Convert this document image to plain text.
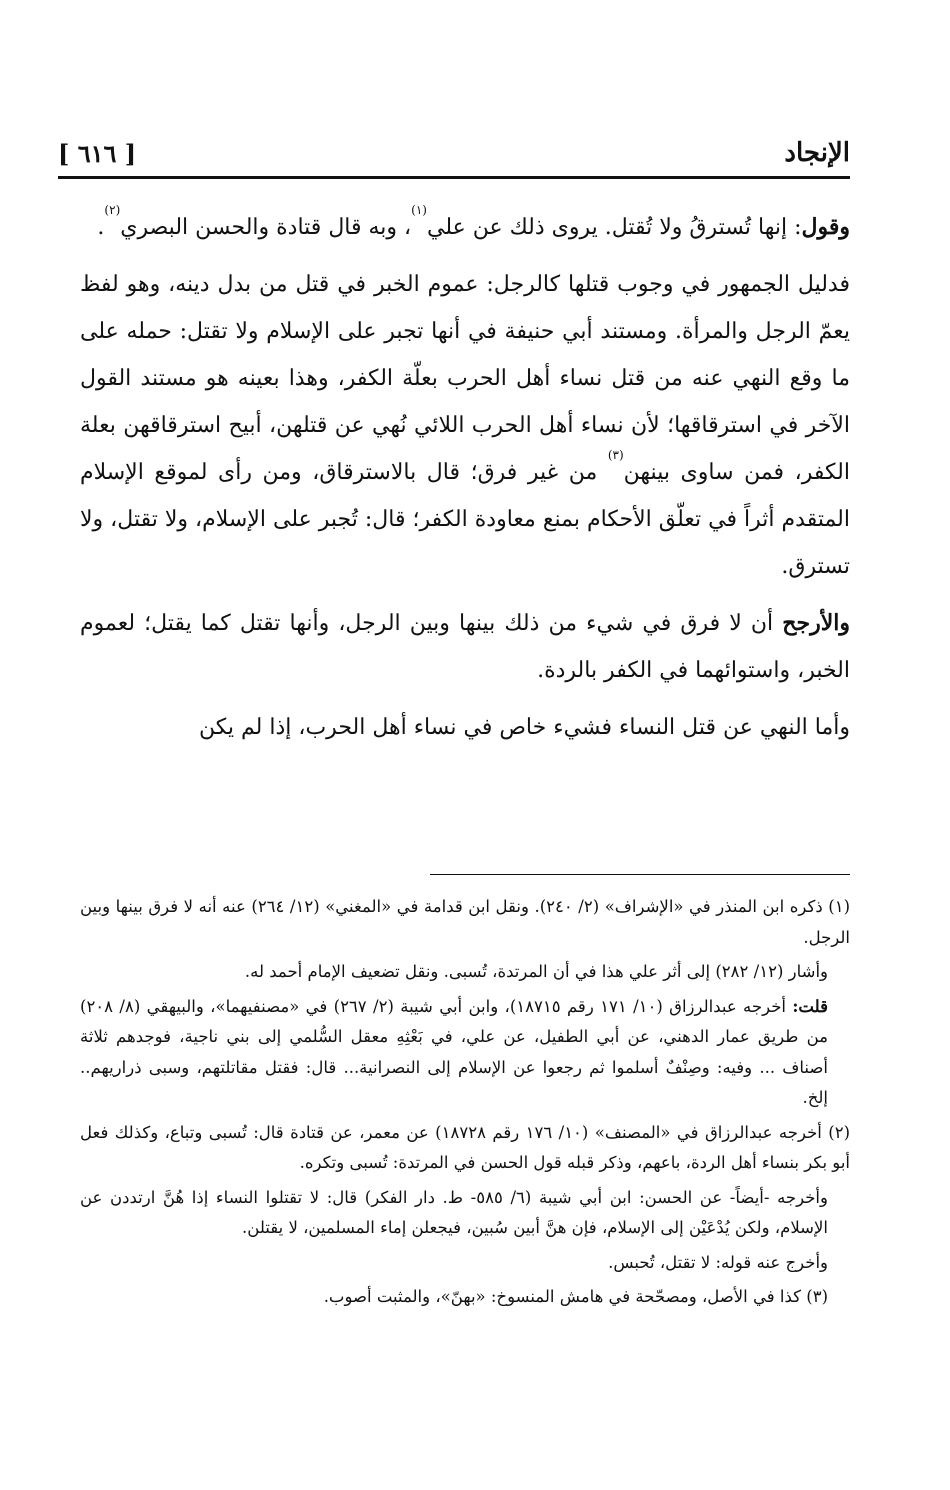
[ ٦١٦ ]	الإنجاد

وقول: إنها تُسترقُ ولا تُقتل. يروى ذلك عن علي$^{(١)}$، وبه قال قتادة والحسن البصري$^{(٢)}$.

فدليل الجمهور في وجوب قتلها كالرجل: عموم الخبر في قتل من بدل دينه، وهو لفظ يعمّ الرجل والمرأة. ومستند أبي حنيفة في أنها تجبر على الإسلام ولا تقتل: حمله على ما وقع النهي عنه من قتل نساء أهل الحرب بعلّة الكفر، وهذا بعينه هو مستند القول الآخر في استرقاقها؛ لأن نساء أهل الحرب اللائي نُهي عن قتلهن، أبيح استرقاقهن بعلة الكفر، فمن ساوى بينهن$^{(٣)}$ من غير فرق؛ قال بالاسترقاق، ومن رأى لموقع الإسلام المتقدم أثراً في تعلّق الأحكام بمنع معاودة الكفر؛ قال: تُجبر على الإسلام، ولا تقتل، ولا تسترق.

والأرجح أن لا فرق في شيء من ذلك بينها وبين الرجل، وأنها تقتل كما يقتل؛ لعموم الخبر، واستوائهما في الكفر بالردة.

وأما النهي عن قتل النساء فشيء خاص في نساء أهل الحرب، إذا لم يكن

(١) ذكره ابن المنذر في «الإشراف» (٢/ ٢٤٠). ونقل ابن قدامة في «المغني» (١٢/ ٢٦٤) عنه أنه لا فرق بينها وبين الرجل.

وأشار (١٢/ ٢٨٢) إلى أثر علي هذا في أن المرتدة، تُسبى. ونقل تضعيف الإمام أحمد له.

قلت: أخرجه عبدالرزاق (١٠/ ١٧١ رقم ١٨٧١٥)، وابن أبي شيبة (٢/ ٢٦٧) في «مصنفيهما»، والبيهقي (٨/ ٢٠٨) من طريق عمار الدهني، عن أبي الطفيل، عن علي، في بَعْثِهِ معقل السُّلمي إلى بني ناجية، فوجدهم ثلاثة أصناف ... وفيه: وصِنْفٌ أسلموا ثم رجعوا عن الإسلام إلى النصرانية... قال: فقتل مقاتلتهم، وسبى ذراريهم.. إلخ.

(٢) أخرجه عبدالرزاق في «المصنف» (١٠/ ١٧٦ رقم ١٨٧٢٨) عن معمر، عن قتادة قال: تُسبى وتباع، وكذلك فعل أبو بكر بنساء أهل الردة، باعهم، وذكر قبله قول الحسن في المرتدة: تُسبى وتكره.

وأخرجه -أيضاً- عن الحسن: ابن أبي شيبة (٦/ ٥٨٥- ط. دار الفكر) قال: لا تقتلوا النساء إذا هُنَّ ارتددن عن الإسلام، ولكن يُدْعَيْن إلى الإسلام، فإن هنَّ أبين سُبين، فيجعلن إماء المسلمين، لا يقتلن.

وأخرج عنه قوله: لا تقتل، تُحبس.

(٣) كذا في الأصل، ومصحّحة في هامش المنسوخ: «بهنّ»، والمثبت أصوب.
